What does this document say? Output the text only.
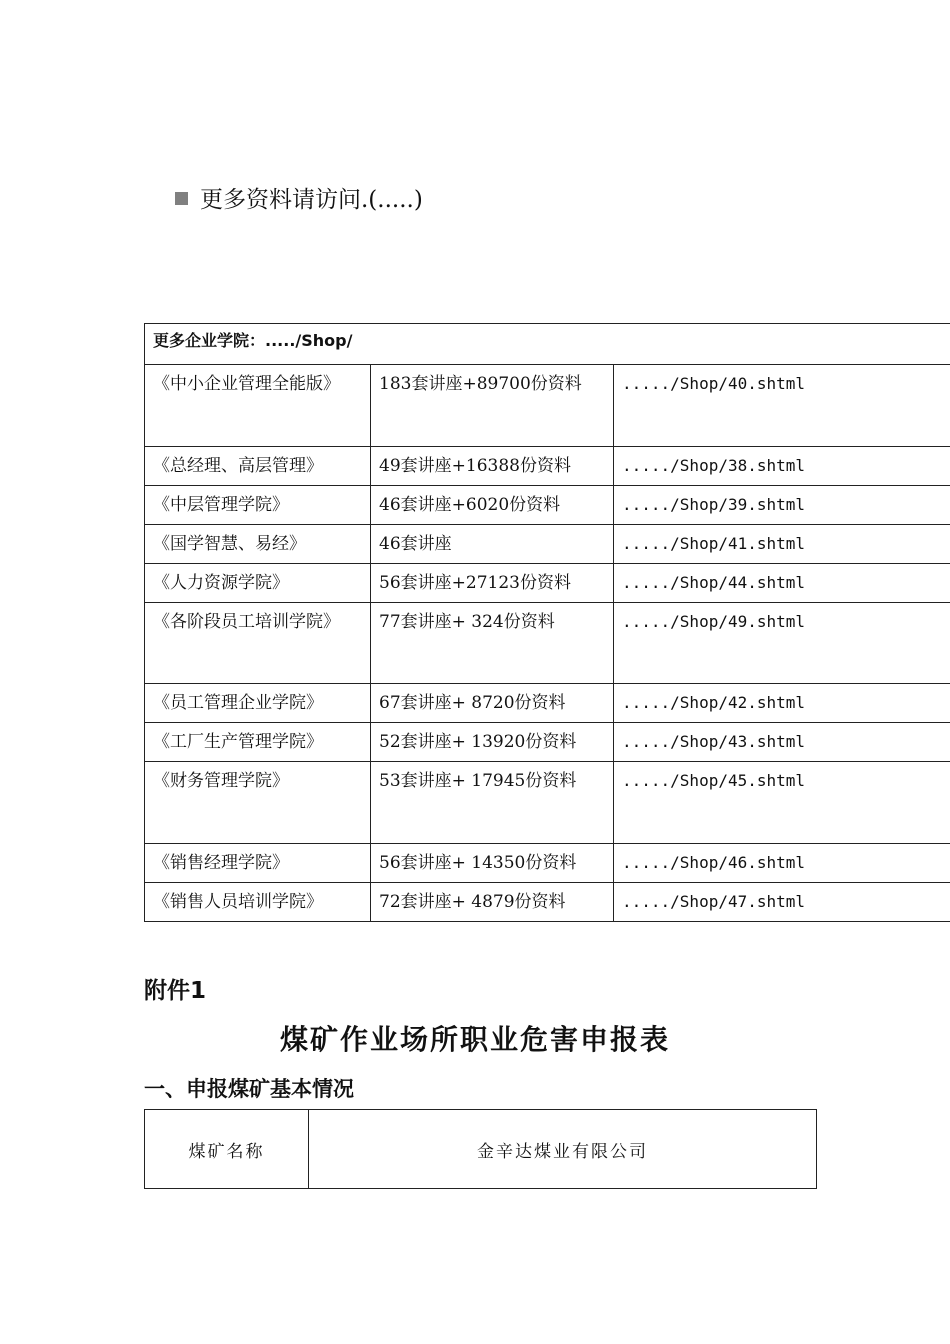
更多资料请访问.(.....)
更多企业学院：...../Shop/		

《中小企业管理全能版》	183套讲座+89700份资料	...../Shop/40.shtml

《总经理、高层管理》	49套讲座+16388份资料	...../Shop/38.shtml

《中层管理学院》	46套讲座+6020份资料	...../Shop/39.shtml

《国学智慧、易经》	46套讲座	...../Shop/41.shtml

《人力资源学院》	56套讲座+27123份资料	...../Shop/44.shtml

《各阶段员工培训学院》	77套讲座+ 324份资料	...../Shop/49.shtml

《员工管理企业学院》	67套讲座+ 8720份资料	...../Shop/42.shtml

《工厂生产管理学院》	52套讲座+ 13920份资料	...../Shop/43.shtml

《财务管理学院》	53套讲座+ 17945份资料	...../Shop/45.shtml

《销售经理学院》	56套讲座+ 14350份资料	...../Shop/46.shtml

《销售人员培训学院》	72套讲座+ 4879份资料	...../Shop/47.shtml
附件1
煤矿作业场所职业危害申报表
一、申报煤矿基本情况
煤矿名称	金辛达煤业有限公司
